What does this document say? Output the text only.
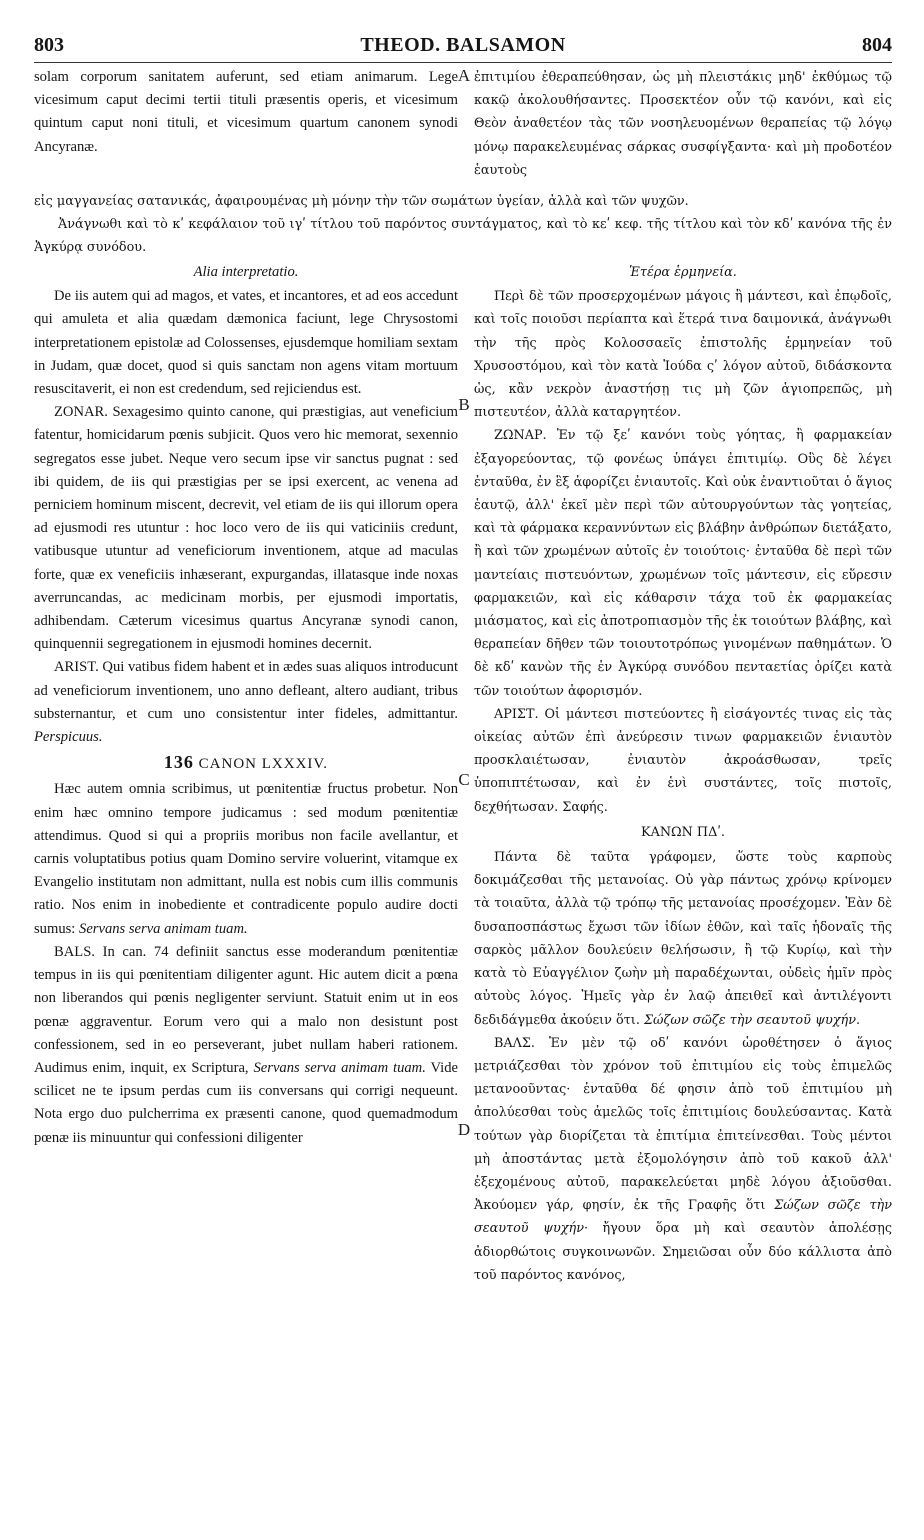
803	THEOD. BALSAMON	804

solam corporum sanitatem auferunt, sed etiam animarum. Lege vicesimum caput decimi tertii tituli præsentis operis, et vicesimum quintum caput noni tituli, et vicesimum quartum canonem synodi Ancyranæ.

ἐπιτιμίου ἐθεραπεύθησαν, ὡς μὴ πλειστάκις μηδ' ἐκθύμως τῷ κακῷ ἀκολουθήσαντες. Προσεκτέον οὖν τῷ κανόνι, καὶ εἰς Θεὸν ἀναθετέον τὰς τῶν νοσηλευομένων θεραπείας τῷ λόγῳ μόνῳ παρακελευμένας σάρκας συσφίγξαντα· καὶ μὴ προδοτέον ἑαυτοὺς

εἰς μαγγανείας σατανικάς, ἀφαιρουμένας μὴ μόνην τὴν τῶν σωμάτων ὑγείαν, ἀλλὰ καὶ τῶν ψυχῶν.

Ἀνάγνωθι καὶ τὸ κʹ κεφάλαιον τοῦ ιγʹ τίτλου τοῦ παρόντος συντάγματος, καὶ τὸ κεʹ κεφ. τῆς τίτλου καὶ τὸν κδʹ κανόνα τῆς ἐν Ἀγκύρᾳ συνόδου.

A
B
C
D

Alia interpretatio.

De iis autem qui ad magos, et vates, et incantores, et ad eos accedunt qui amuleta et alia quædam dæmonica faciunt, lege Chrysostomi interpretationem epistolæ ad Colossenses, ejusdemque homiliam sextam in Judam, quæ docet, quod si quis sanctam non agens vitam mortuum resuscitaverit, ei non est credendum, sed rejiciendus est.

ZONAR. Sexagesimo quinto canone, qui præstigias, aut veneficium fatentur, homicidarum pœnis subjicit. Quos vero hic memorat, sexennio segregatos esse jubet. Neque vero secum ipse vir sanctus pugnat : sed ibi quidem, de iis qui præstigias per se ipsi exercent, ac venena ad perniciem hominum miscent, decrevit, vel etiam de iis qui illorum opera ad ejusmodi res utuntur : hoc loco vero de iis qui vaticiniis credunt, vatibusque utuntur ad veneficiorum inventionem, atque ad maculas forte, quæ ex veneficiis inhæserant, expurgandas, illatasque inde noxas averruncandas, ac medicinam morbis, per ejusmodi importatis, adhibendam. Cæterum vicesimus quartus Ancyranæ synodi canon, quinquennii segregationem in ejusmodi homines decernit.

ARIST. Qui vatibus fidem habent et in ædes suas aliquos introducunt ad veneficiorum inventionem, uno anno defleant, altero audiant, tribus substernantur, et cum uno consistentur inter fideles, admittantur. Perspicuus.

136 CANON LXXXIV.

Hæc autem omnia scribimus, ut pœnitentiæ fructus probetur. Non enim hæc omnino tempore judicamus : sed modum pœnitentiæ attendimus. Quod si qui a propriis moribus non facile avellantur, et carnis voluptatibus potius quam Domino servire voluerint, vitamque ex Evangelio institutam non admittant, nulla est nobis cum illis communis ratio. Nos enim in inobediente et contradicente populo audire docti sumus: Servans serva animam tuam.

BALS. In can. 74 definiit sanctus esse moderandum pœnitentiæ tempus in iis qui pœnitentiam diligenter agunt. Hic autem dicit a pœna non liberandos qui pœnis negligenter serviunt. Statuit enim ut in eos pœnæ aggraventur. Eorum vero qui a malo non desistunt post confessionem, sed in eo perseverant, jubet nullam haberi rationem. Audimus enim, inquit, ex Scriptura, Servans serva animam tuam. Vide scilicet ne te ipsum perdas cum iis conversans qui corrigi nequeunt. Nota ergo duo pulcherrima ex præsenti canone, quod quemadmodum pœnæ iis minuuntur qui confessioni diligenter

Ἑτέρα ἑρμηνεία.

Περὶ δὲ τῶν προσερχομένων μάγοις ἢ μάντεσι, καὶ ἐπῳδοῖς, καὶ τοῖς ποιοῦσι περίαπτα καὶ ἕτερά τινα δαιμονικά, ἀνάγνωθι τὴν τῆς πρὸς Κολοσσαεῖς ἐπιστολῆς ἑρμηνείαν τοῦ Χρυσοστόμου, καὶ τὸν κατὰ Ἰούδα ςʹ λόγον αὐτοῦ, διδάσκοντα ὡς, κἂν νεκρὸν ἀναστήσῃ τις μὴ ζῶν ἁγιοπρεπῶς, μὴ πιστευτέον, ἀλλὰ καταργητέον.

ΖΩΝΑΡ. Ἐν τῷ ξεʹ κανόνι τοὺς γόητας, ἢ φαρμακείαν ἐξαγορεύοντας, τῷ φονέως ὑπάγει ἐπιτιμίῳ. Οὓς δὲ λέγει ἐνταῦθα, ἐν ἓξ ἀφορίζει ἐνιαυτοῖς. Καὶ οὐκ ἐναντιοῦται ὁ ἅγιος ἑαυτῷ, ἀλλ' ἐκεῖ μὲν περὶ τῶν αὐτουργούντων τὰς γοητείας, καὶ τὰ φάρμακα κεραννύντων εἰς βλάβην ἀνθρώπων διετάξατο, ἢ καὶ τῶν χρωμένων αὐτοῖς ἐν τοιούτοις· ἐνταῦθα δὲ περὶ τῶν μαντείαις πιστευόντων, χρωμένων τοῖς μάντεσιν, εἰς εὕρεσιν φαρμακειῶν, καὶ εἰς κάθαρσιν τάχα τοῦ ἐκ φαρμακείας μιάσματος, καὶ εἰς ἀποτροπιασμὸν τῆς ἐκ τοιούτων βλάβης, καὶ θεραπείαν δῆθεν τῶν τοιουτοτρόπως γινομένων παθημάτων. Ὁ δὲ κδʹ κανὼν τῆς ἐν Ἀγκύρᾳ συνόδου πενταετίας ὁρίζει κατὰ τῶν τοιούτων ἀφορισμόν.

ΑΡΙΣΤ. Οἱ μάντεσι πιστεύοντες ἢ εἰσάγοντές τινας εἰς τὰς οἰκείας αὐτῶν ἐπὶ ἀνεύρεσιν τινων φαρμακειῶν ἐνιαυτὸν προσκλαιέτωσαν, ἐνιαυτὸν ἀκροάσθωσαν, τρεῖς ὑποπιπτέτωσαν, καὶ ἐν ἑνὶ συστάντες, τοῖς πιστοῖς, δεχθήτωσαν. Σαφής.

ΚΑΝΩΝ ΠΔʹ.

Πάντα δὲ ταῦτα γράφομεν, ὥστε τοὺς καρποὺς δοκιμάζεσθαι τῆς μετανοίας. Οὐ γὰρ πάντως χρόνῳ κρίνομεν τὰ τοιαῦτα, ἀλλὰ τῷ τρόπῳ τῆς μετανοίας προσέχομεν. Ἐὰν δὲ δυσαποσπάστως ἔχωσι τῶν ἰδίων ἐθῶν, καὶ ταῖς ἡδοναῖς τῆς σαρκὸς μᾶλλον δουλεύειν θελήσωσιν, ἢ τῷ Κυρίῳ, καὶ τὴν κατὰ τὸ Εὐαγγέλιον ζωὴν μὴ παραδέχωνται, οὐδεὶς ἡμῖν πρὸς αὐτοὺς λόγος. Ἡμεῖς γὰρ ἐν λαῷ ἀπειθεῖ καὶ ἀντιλέγοντι δεδιδάγμεθα ἀκούειν ὅτι. Σώζων σῶζε τὴν σεαυτοῦ ψυχήν.

ΒΑΛΣ. Ἐν μὲν τῷ οδʹ κανόνι ὡροθέτησεν ὁ ἅγιος μετριάζεσθαι τὸν χρόνον τοῦ ἐπιτιμίου εἰς τοὺς ἐπιμελῶς μετανοοῦντας· ἐνταῦθα δέ φησιν ἀπὸ τοῦ ἐπιτιμίου μὴ ἀπολύεσθαι τοὺς ἀμελῶς τοῖς ἐπιτιμίοις δουλεύσαντας. Κατὰ τούτων γὰρ διορίζεται τὰ ἐπιτίμια ἐπιτείνεσθαι. Τοὺς μέντοι μὴ ἀποστάντας μετὰ ἐξομολόγησιν ἀπὸ τοῦ κακοῦ ἀλλ' ἐξεχομένους αὐτοῦ, παρακελεύεται μηδὲ λόγου ἀξιοῦσθαι. Ἀκούομεν γάρ, φησίν, ἐκ τῆς Γραφῆς ὅτι Σώζων σῶζε τὴν σεαυτοῦ ψυχήν· ἤγουν ὅρα μὴ καὶ σεαυτὸν ἀπολέσῃς ἀδιορθώτοις συγκοινωνῶν. Σημειῶσαι οὖν δύο κάλλιστα ἀπὸ τοῦ παρόντος κανόνος,
